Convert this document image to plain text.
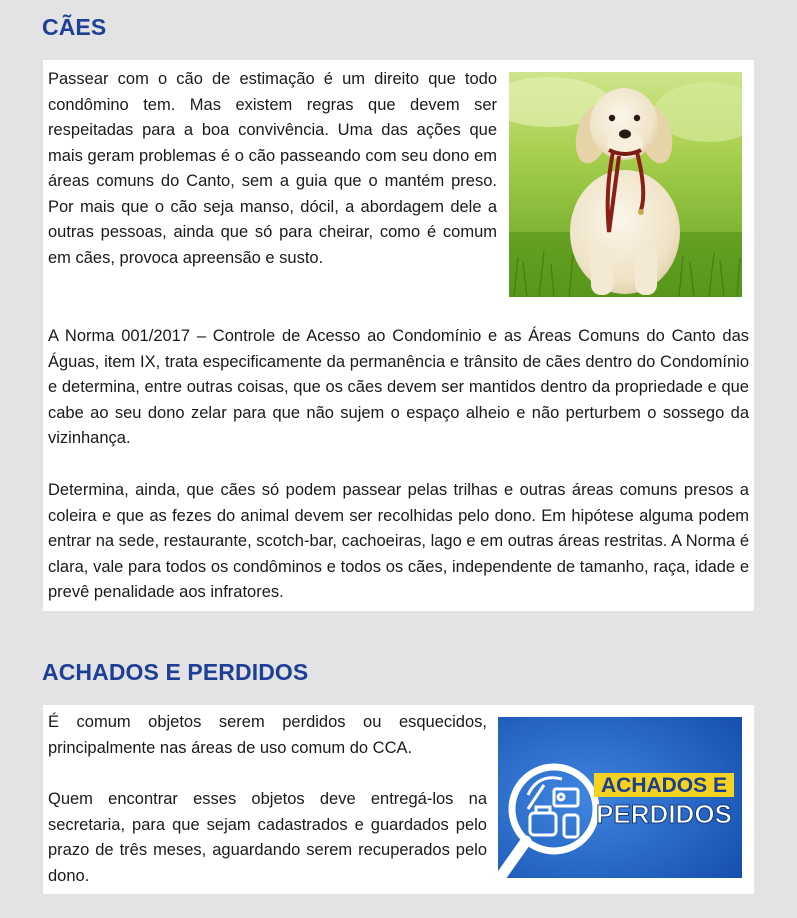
CÃES

Passear com o cão de estimação é um direito que todo condômino tem. Mas existem regras que devem ser respeitadas para a boa convivência. Uma das ações que mais geram problemas é o cão passeando com seu dono em áreas comuns do Canto, sem a guia que o mantém preso. Por mais que o cão seja manso, dócil, a abordagem dele a outras pessoas, ainda que só para cheirar, como é comum em cães, provoca apreensão e susto.

A Norma 001/2017 – Controle de Acesso ao Condomínio e as Áreas Comuns do Canto das Águas, item IX, trata especificamente da permanência e trânsito de cães dentro do Condomínio e determina, entre outras coisas, que os cães devem ser mantidos dentro da propriedade e que cabe ao seu dono zelar para que não sujem o espaço alheio e não perturbem o sossego da vizinhança.

Determina, ainda, que cães só podem passear pelas trilhas e outras áreas comuns presos a coleira e que as fezes do animal devem ser recolhidas pelo dono. Em hipótese alguma podem entrar na sede, restaurante, scotch-bar, cachoeiras, lago e em outras áreas restritas. A Norma é clara, vale para todos os condôminos e todos os cães, independente de tamanho, raça, idade e prevê penalidade aos infratores.

ACHADOS E PERDIDOS

É comum objetos serem perdidos ou esquecidos, principalmente nas áreas de uso comum do CCA.

Quem encontrar esses objetos deve entregá-los na secretaria, para que sejam cadastrados e guardados pelo prazo de três meses, aguardando serem recuperados pelo dono.

ACHADOS E
PERDIDOS
